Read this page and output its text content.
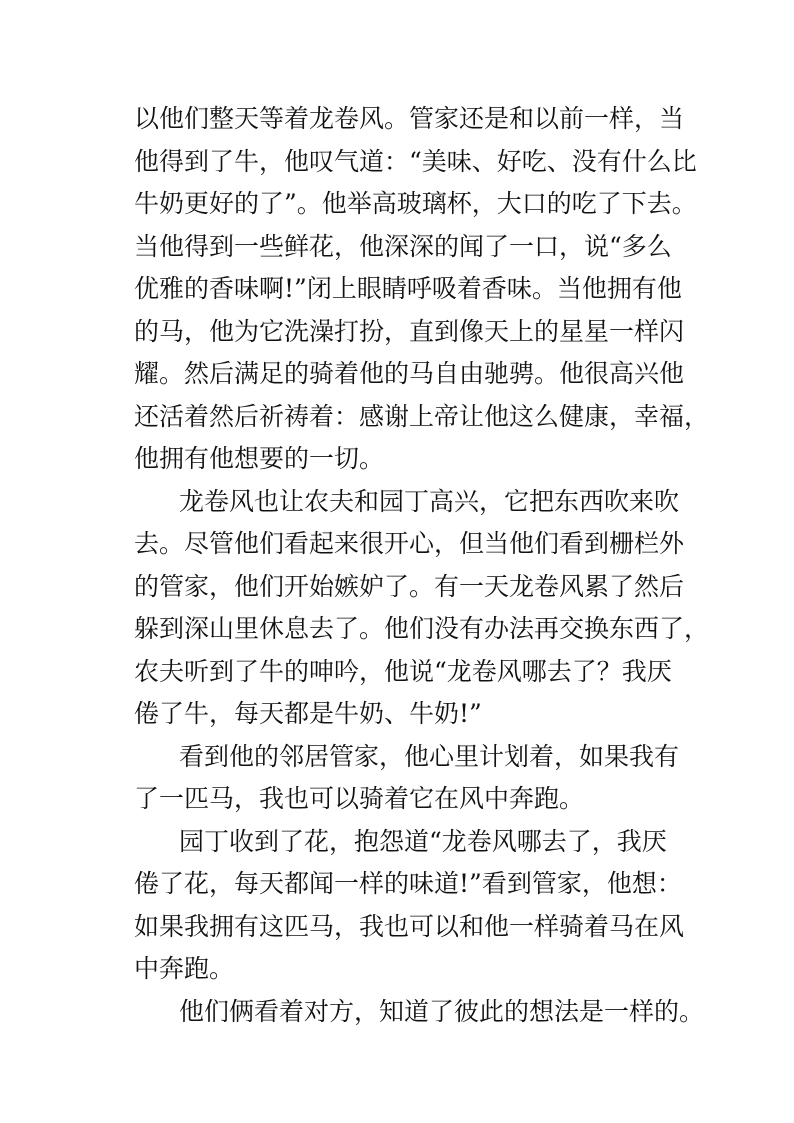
以他们整天等着龙卷风。管家还是和以前一样，当
他得到了牛，他叹气道：“美味、好吃、没有什么比
牛奶更好的了”。他举高玻璃杯，大口的吃了下去。
当他得到一些鲜花，他深深的闻了一口，说“多么
优雅的香味啊!”闭上眼睛呼吸着香味。当他拥有他
的马，他为它洗澡打扮，直到像天上的星星一样闪
耀。然后满足的骑着他的马自由驰骋。他很高兴他
还活着然后祈祷着：感谢上帝让他这么健康，幸福，
他拥有他想要的一切。
龙卷风也让农夫和园丁高兴，它把东西吹来吹
去。尽管他们看起来很开心，但当他们看到栅栏外
的管家，他们开始嫉妒了。有一天龙卷风累了然后
躲到深山里休息去了。他们没有办法再交换东西了，
农夫听到了牛的呻吟，他说“龙卷风哪去了？我厌
倦了牛，每天都是牛奶、牛奶!”
看到他的邻居管家，他心里计划着，如果我有
了一匹马，我也可以骑着它在风中奔跑。
园丁收到了花，抱怨道“龙卷风哪去了，我厌
倦了花，每天都闻一样的味道!”看到管家，他想：
如果我拥有这匹马，我也可以和他一样骑着马在风
中奔跑。
他们俩看着对方，知道了彼此的想法是一样的。
